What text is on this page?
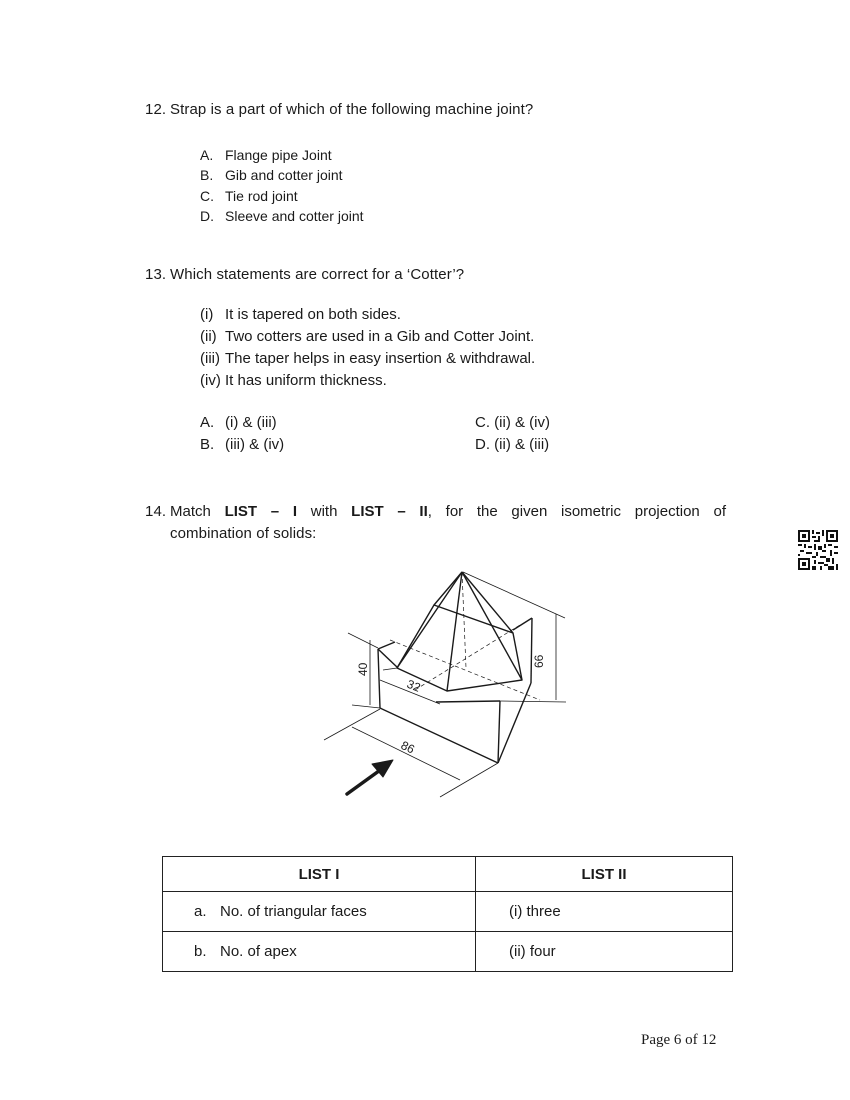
12. Strap is a part of which of the following machine joint?
A. Flange pipe Joint
B. Gib and cotter joint
C. Tie rod joint
D. Sleeve and cotter joint
13. Which statements are correct for a ‘Cotter’?
(i) It is tapered on both sides.
(ii) Two cotters are used in a Gib and Cotter Joint.
(iii) The taper helps in easy insertion & withdrawal.
(iv) It has uniform thickness.
A. (i) & (iii)	C. (ii) & (iv)
B. (iii) & (iv)	D. (ii) & (iii)
14. Match LIST – I with LIST – II, for the given isometric projection of
combination of solids:
40
32
86
66
LIST I	LIST II
a. No. of triangular faces	(i) three
b. No. of apex	(ii) four
Page 6 of 12
